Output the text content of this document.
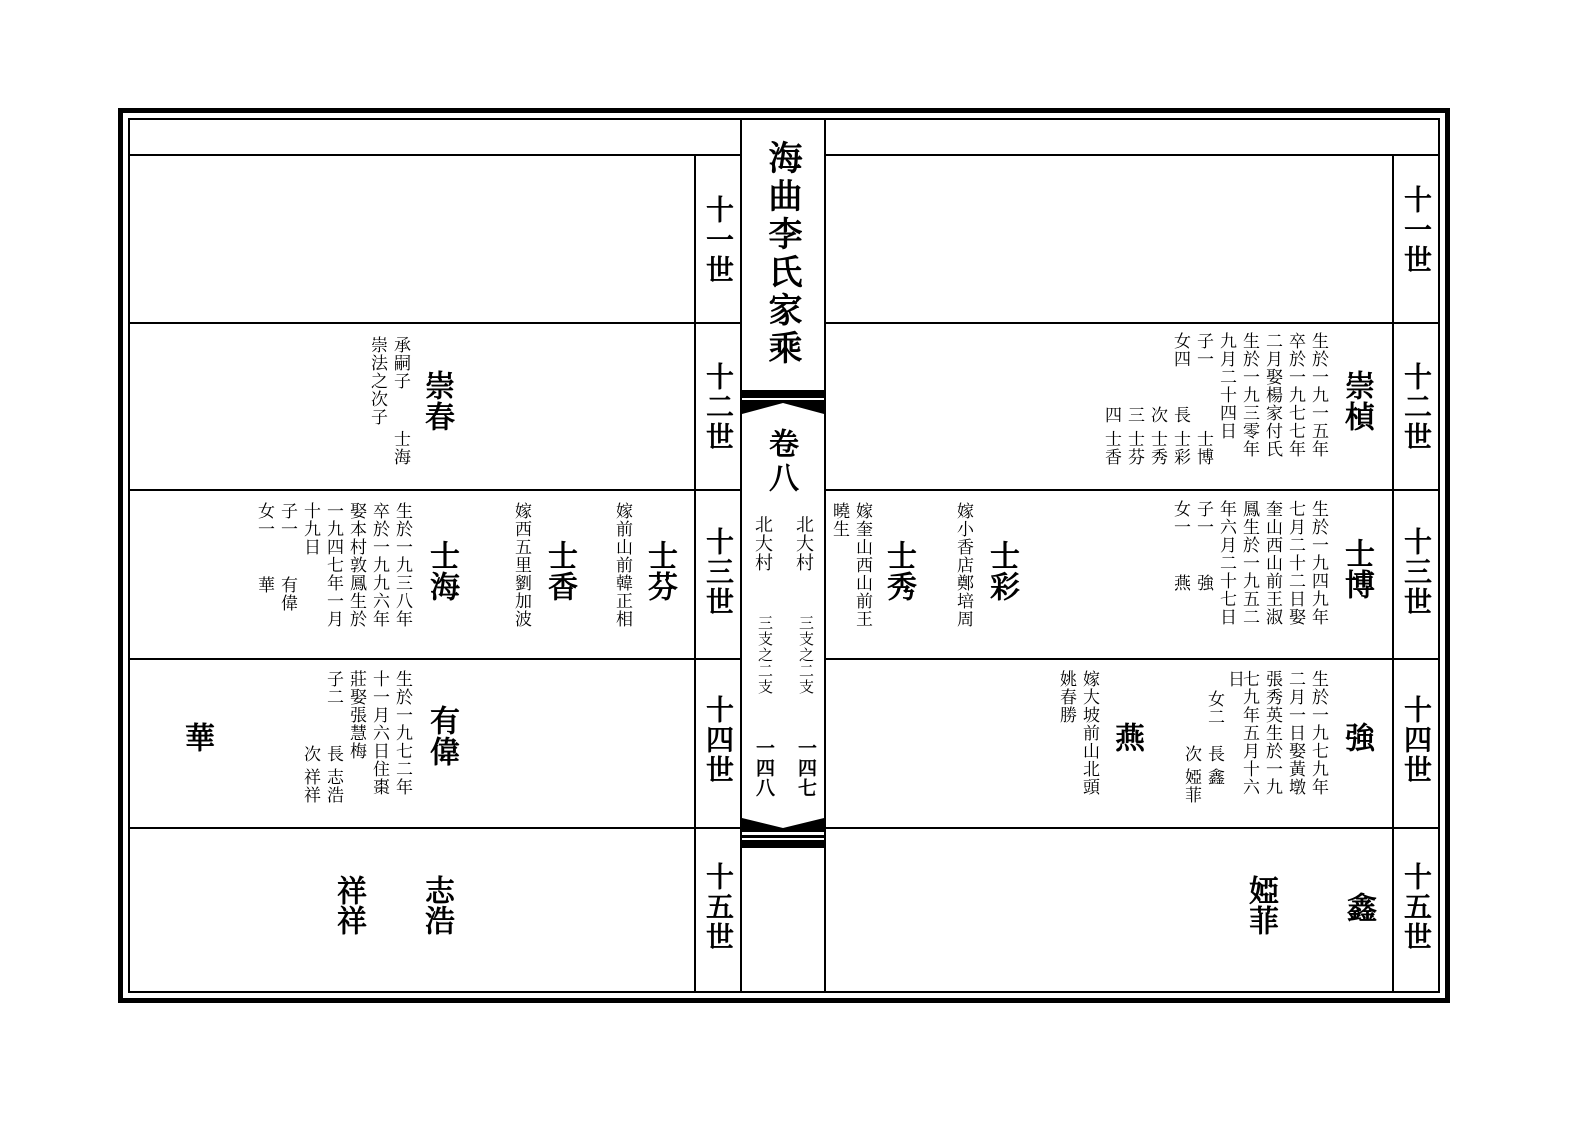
海曲李氏家乘
卷八
北大村
北大村
三支之二支
三支之二支
一四七
一四八
十一世
十二世
十三世
十四世
十五世
十一世
十二世
十三世
十四世
十五世
崇楨
生於一九一五年
卒於一九七七年
二月娶楊家付氏
生於一九三零年
九月二十四日
子一
女四
士博
長
士彩
次
士秀
三
士芬
四
士香
士博
生於一九四九年
七月二十二日娶
奎山西山前王淑
鳳生於一九五二
年六月二十七日
子一
女一
強
燕
士彩
嫁小香店鄭培周
士秀
嫁奎山西山前王
曉生
強
生於一九七九年
二月一日娶黃墩
張秀英生於一九
七九年五月十六
日
女二
長
鑫
次
婭菲
燕
嫁大坡前山北頭
姚春勝
鑫
婭菲
崇春
承嗣子
崇法之次子
士海
士芬
嫁前山前韓正相
士香
嫁西五里劉加波
士海
生於一九三八年
卒於一九九六年
娶本村敦鳳生於
一九四七年一月
十九日
子一
女一
有偉
華
有偉
生於一九七二年
十一月六日住棗
莊娶張慧梅
子二
長
志浩
次
祥祥
華
志浩
祥祥
